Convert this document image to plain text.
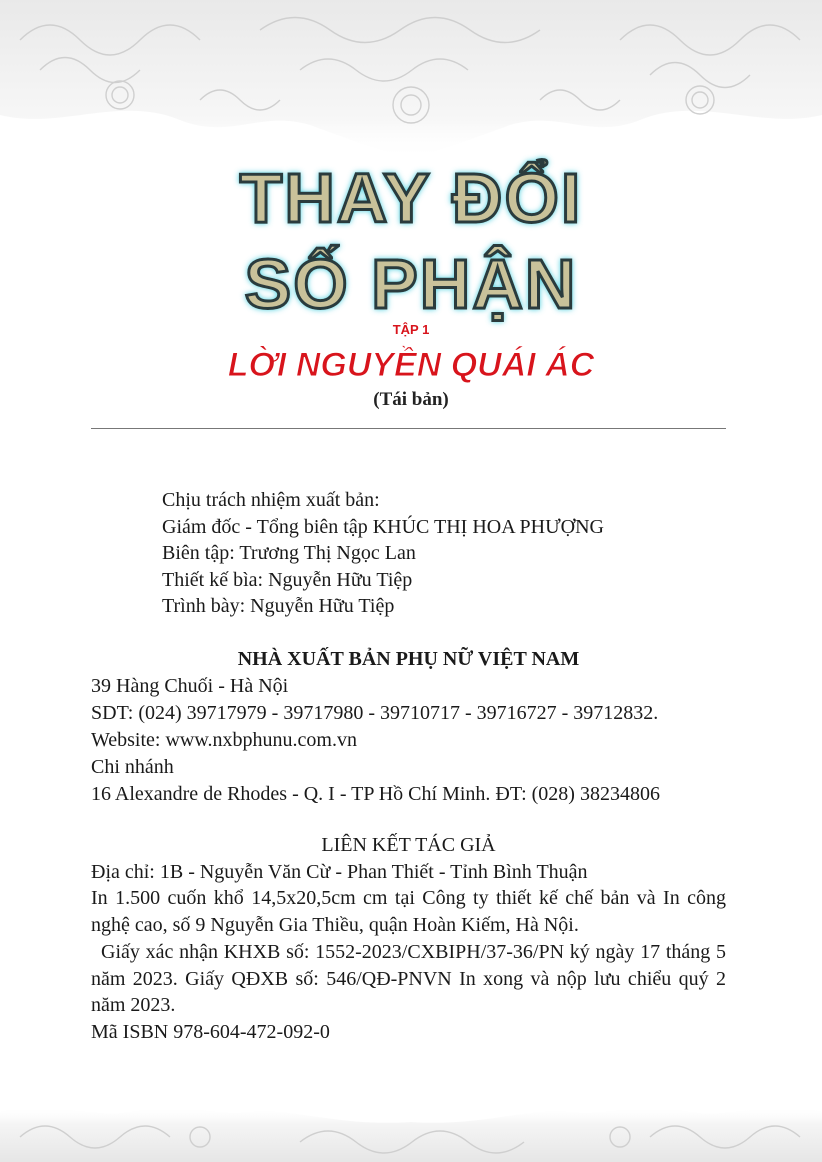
THAY ĐỔI
SỐ PHẬN
TẬP 1
LỜI NGUYỀN QUÁI ÁC
(Tái bản)
Chịu trách nhiệm xuất bản:
Giám đốc - Tổng biên tập KHÚC THỊ HOA PHƯỢNG
Biên tập: Trương Thị Ngọc Lan
Thiết kế bìa: Nguyễn Hữu Tiệp
Trình bày: Nguyễn Hữu Tiệp
NHÀ XUẤT BẢN PHỤ NỮ VIỆT NAM
39 Hàng Chuối - Hà Nội
SDT: (024) 39717979 - 39717980 - 39710717 - 39716727 - 39712832.
Website: www.nxbphunu.com.vn
Chi nhánh
16 Alexandre de Rhodes - Q. I - TP Hồ Chí Minh. ĐT: (028) 38234806
LIÊN KẾT TÁC GIẢ
Địa chỉ: 1B - Nguyễn Văn Cừ - Phan Thiết - Tỉnh Bình Thuận
In 1.500 cuốn khổ 14,5x20,5cm cm tại Công ty thiết kế chế bản và In công nghệ cao, số 9 Nguyễn Gia Thiều, quận Hoàn Kiếm, Hà Nội.
Giấy xác nhận KHXB số: 1552-2023/CXBIPH/37-36/PN ký ngày 17 tháng 5 năm 2023. Giấy QĐXB số: 546/QĐ-PNVN In xong và nộp lưu chiểu quý 2 năm 2023.
Mã ISBN 978-604-472-092-0
